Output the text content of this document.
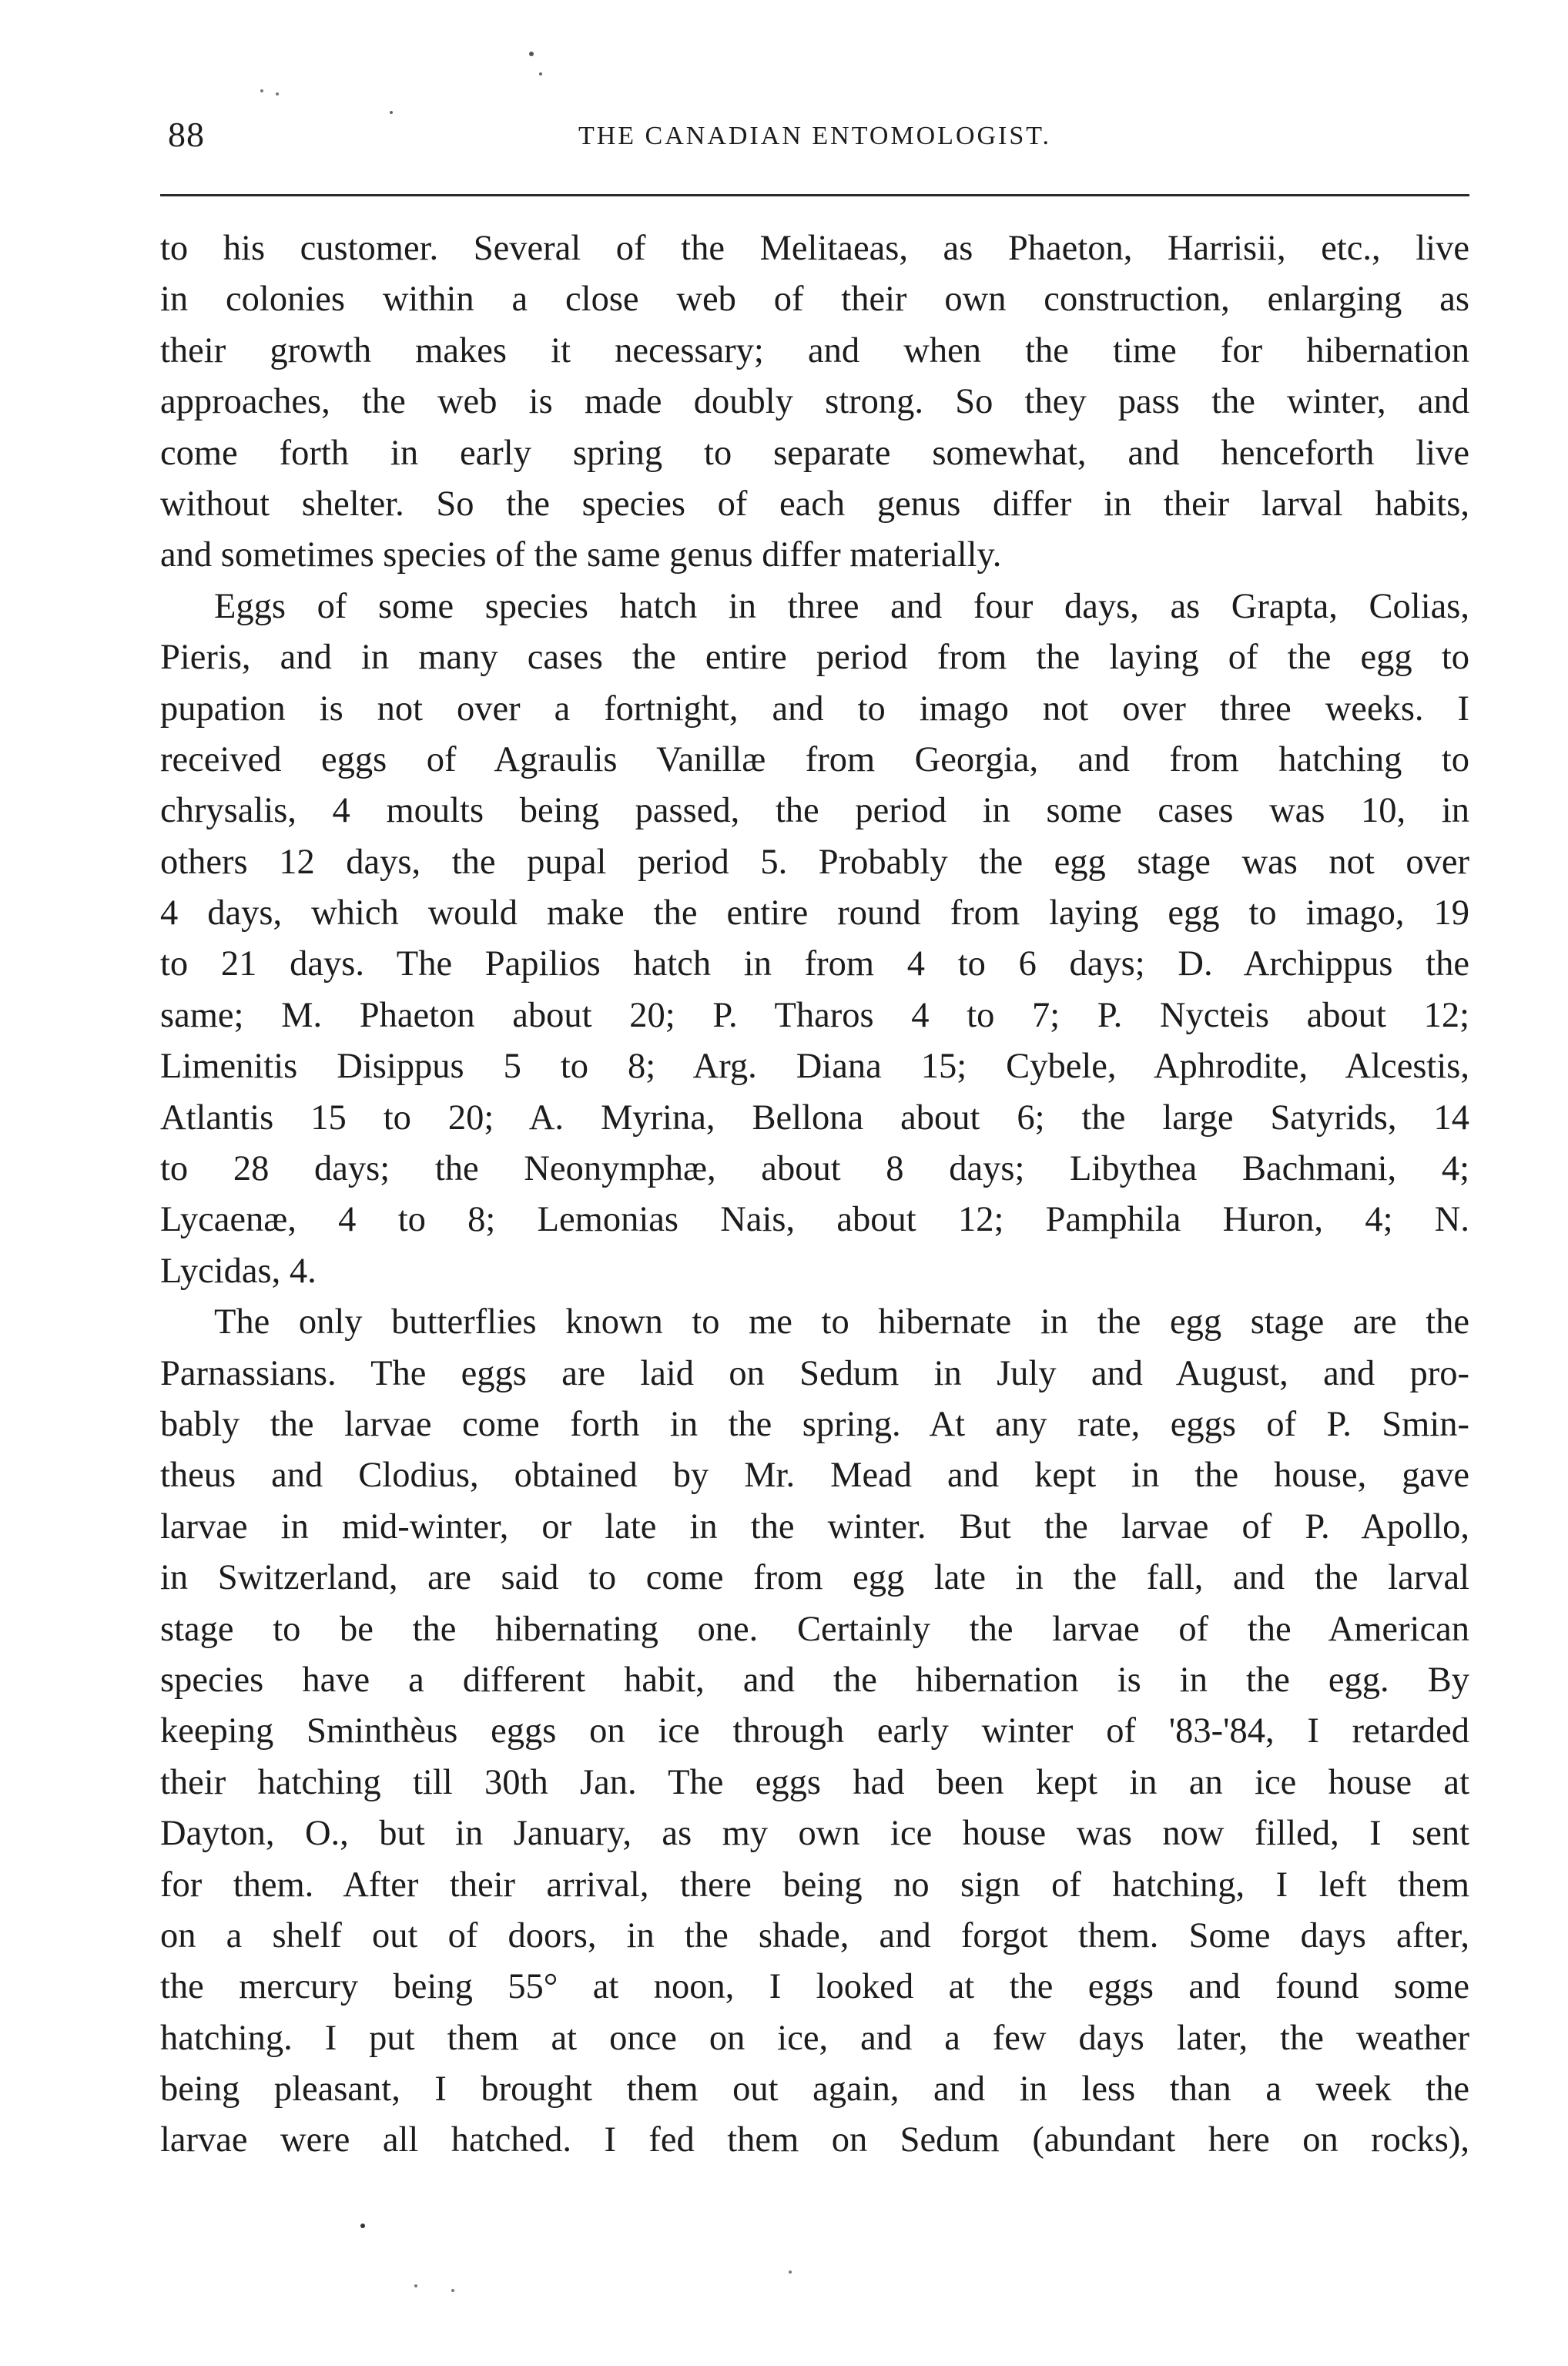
88	THE CANADIAN ENTOMOLOGIST.
to his customer. Several of the Melitaeas, as Phaeton, Harrisii, etc., live
in colonies within a close web of their own construction, enlarging as
their growth makes it necessary; and when the time for hibernation
approaches, the web is made doubly strong. So they pass the winter, and
come forth in early spring to separate somewhat, and henceforth live
without shelter. So the species of each genus differ in their larval habits,
and sometimes species of the same genus differ materially.
Eggs of some species hatch in three and four days, as Grapta, Colias,
Pieris, and in many cases the entire period from the laying of the egg to
pupation is not over a fortnight, and to imago not over three weeks. I
received eggs of Agraulis Vanillæ from Georgia, and from hatching to
chrysalis, 4 moults being passed, the period in some cases was 10, in
others 12 days, the pupal period 5. Probably the egg stage was not over
4 days, which would make the entire round from laying egg to imago, 19
to 21 days. The Papilios hatch in from 4 to 6 days; D. Archippus the
same; M. Phaeton about 20; P. Tharos 4 to 7; P. Nycteis about 12;
Limenitis Disippus 5 to 8; Arg. Diana 15; Cybele, Aphrodite, Alcestis,
Atlantis 15 to 20; A. Myrina, Bellona about 6; the large Satyrids, 14
to 28 days; the Neonymphæ, about 8 days; Libythea Bachmani, 4;
Lycaenæ, 4 to 8; Lemonias Nais, about 12; Pamphila Huron, 4; N.
Lycidas, 4.
The only butterflies known to me to hibernate in the egg stage are the
Parnassians. The eggs are laid on Sedum in July and August, and pro-
bably the larvae come forth in the spring. At any rate, eggs of P. Smin-
theus and Clodius, obtained by Mr. Mead and kept in the house, gave
larvae in mid-winter, or late in the winter. But the larvae of P. Apollo,
in Switzerland, are said to come from egg late in the fall, and the larval
stage to be the hibernating one. Certainly the larvae of the American
species have a different habit, and the hibernation is in the egg. By
keeping Sminthèus eggs on ice through early winter of '83-'84, I retarded
their hatching till 30th Jan. The eggs had been kept in an ice house at
Dayton, O., but in January, as my own ice house was now filled, I sent
for them. After their arrival, there being no sign of hatching, I left them
on a shelf out of doors, in the shade, and forgot them. Some days after,
the mercury being 55° at noon, I looked at the eggs and found some
hatching. I put them at once on ice, and a few days later, the weather
being pleasant, I brought them out again, and in less than a week the
larvae were all hatched. I fed them on Sedum (abundant here on rocks),
